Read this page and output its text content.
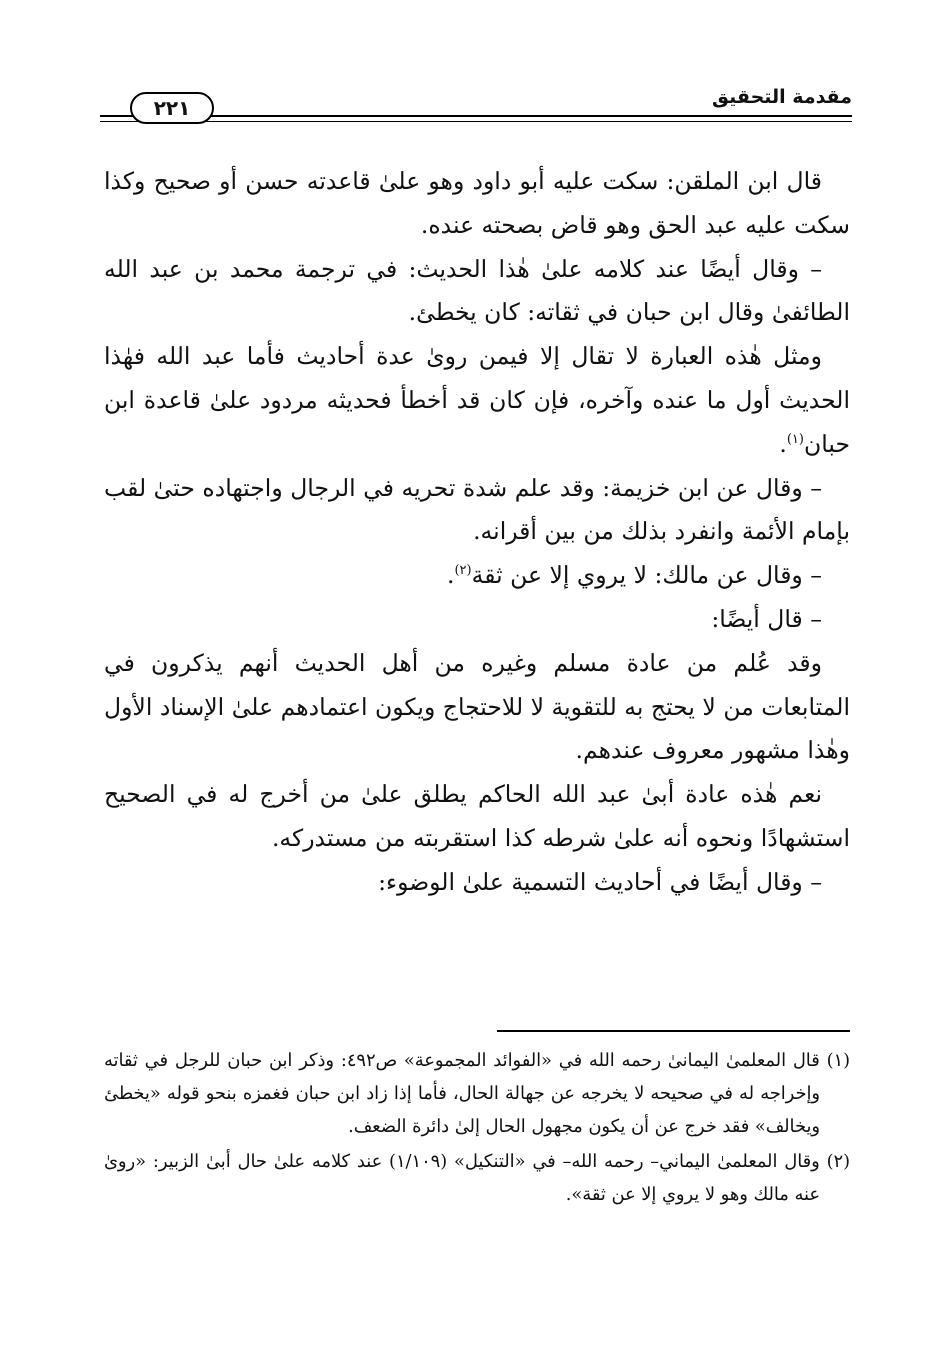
٢٢١	مقدمة التحقيق

قال ابن الملقن: سكت عليه أبو داود وهو علىٰ قاعدته حسن أو صحيح وكذا سكت عليه عبد الحق وهو قاض بصحته عنده.

– وقال أيضًا عند كلامه علىٰ هٰذا الحديث: في ترجمة محمد بن عبد الله الطائفىٰ وقال ابن حبان في ثقاته: كان يخطئ.

ومثل هٰذه العبارة لا تقال إلا فيمن روىٰ عدة أحاديث فأما عبد الله فهٰذا الحديث أول ما عنده وآخره، فإن كان قد أخطأ فحديثه مردود علىٰ قاعدة ابن حبان$^{(١)}$.

– وقال عن ابن خزيمة: وقد علم شدة تحريه في الرجال واجتهاده حتىٰ لقب بإمام الأئمة وانفرد بذلك من بين أقرانه.

– وقال عن مالك: لا يروي إلا عن ثقة$^{(٢)}$.

– قال أيضًا:

وقد عُلم من عادة مسلم وغيره من أهل الحديث أنهم يذكرون في المتابعات من لا يحتج به للتقوية لا للاحتجاج ويكون اعتمادهم علىٰ الإسناد الأول وهٰذا مشهور معروف عندهم.

نعم هٰذه عادة أبىٰ عبد الله الحاكم يطلق علىٰ من أخرج له في الصحيح استشهادًا ونحوه أنه علىٰ شرطه كذا استقربته من مستدركه.

– وقال أيضًا في أحاديث التسمية علىٰ الوضوء:

(١) قال المعلمىٰ اليمانىٰ رحمه الله في «الفوائد المجموعة» ص٤٩٢: وذكر ابن حبان للرجل في ثقاته وإخراجه له في صحيحه لا يخرجه عن جهالة الحال، فأما إذا زاد ابن حبان فغمزه بنحو قوله «يخطئ ويخالف» فقد خرج عن أن يكون مجهول الحال إلىٰ دائرة الضعف.

(٢) وقال المعلمىٰ اليماني– رحمه الله– في «التنكيل» (١/١٠٩) عند كلامه علىٰ حال أبىٰ الزبير: «روىٰ عنه مالك وهو لا يروي إلا عن ثقة».
